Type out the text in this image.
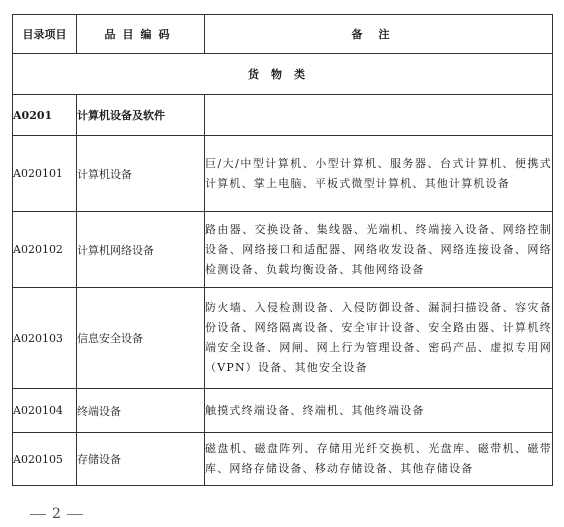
目录项目	品目编码	备注
货物类		
A0201	计算机设备及软件	
A020101	计算机设备	巨/大/中型计算机、小型计算机、服务器、台式计算机、便携式计算机、掌上电脑、平板式微型计算机、其他计算机设备
A020102	计算机网络设备	路由器、交换设备、集线器、光端机、终端接入设备、网络控制设备、网络接口和适配器、网络收发设备、网络连接设备、网络检测设备、负载均衡设备、其他网络设备
A020103	信息安全设备	防火墙、入侵检测设备、入侵防御设备、漏洞扫描设备、容灾备份设备、网络隔离设备、安全审计设备、安全路由器、计算机终端安全设备、网闸、网上行为管理设备、密码产品、虚拟专用网（VPN）设备、其他安全设备
A020104	终端设备	触摸式终端设备、终端机、其他终端设备
A020105	存储设备	磁盘机、磁盘阵列、存储用光纤交换机、光盘库、磁带机、磁带库、网络存储设备、移动存储设备、其他存储设备
2
